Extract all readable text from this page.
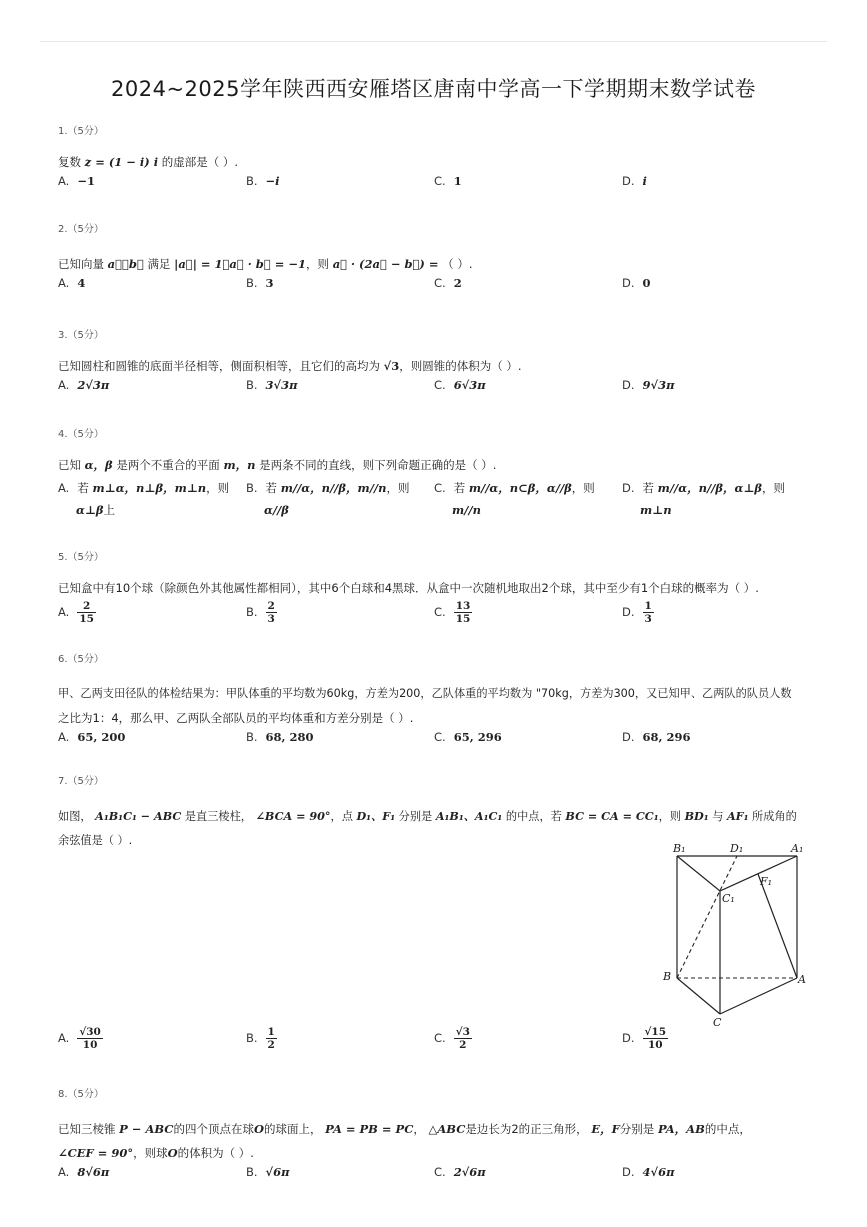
2024~2025学年陕西西安雁塔区唐南中学高一下学期期末数学试卷
1.（5分）
复数 z = (1 − i) i 的虚部是（ ）.
A. −1	B. −i	C. 1	D. i
2.（5分）
已知向量 a⃗，b⃗ 满足 |a⃗| = 1，a⃗ · b⃗ = −1，则 a⃗ · (2a⃗ − b⃗) = （ ）.
A. 4	B. 3	C. 2	D. 0
3.（5分）
已知圆柱和圆锥的底面半径相等，侧面积相等，且它们的高均为 √3，则圆锥的体积为（ ）.
A. 2√3π	B. 3√3π	C. 6√3π	D. 9√3π
4.（5分）
已知 α，β 是两个不重合的平面 m，n 是两条不同的直线，则下列命题正确的是（ ）.
A. 若 m⊥α，n⊥β，m⊥n，则
α⊥β上
B. 若 m//α，n//β，m//n，则
α//β
C. 若 m//α，n⊂β，α//β，则
m//n
D. 若 m//α，n//β，α⊥β，则
m⊥n
5.（5分）
已知盒中有10个球（除颜色外其他属性都相同），其中6个白球和4黑球．从盒中一次随机地取出2个球，其中至少有1个白球的概率为（ ）.
A. $\frac{2}{15}$	B. $\frac{2}{3}$	C. $\frac{13}{15}$	D. $\frac{1}{3}$
6.（5分）
甲、乙两支田径队的体检结果为：甲队体重的平均数为60kg，方差为200，乙队体重的平均数为 "70kg，方差为300，又已知甲、乙两队的队员人数
之比为1：4，那么甲、乙两队全部队员的平均体重和方差分别是（ ）.
A. 65, 200	B. 68, 280	C. 65, 296	D. 68, 296
7.（5分）
如图， A₁B₁C₁ − ABC 是直三棱柱， ∠BCA = 90°，点 D₁、F₁ 分别是 A₁B₁、A₁C₁ 的中点，若 BC = CA = CC₁，则 BD₁ 与 AF₁ 所成角的
余弦值是（ ）.
B₁	D₁	A₁
F₁
C₁
B	A
C
A. $\frac{√30}{10}$	B. $\frac{1}{2}$	C. $\frac{√3}{2}$	D. $\frac{√15}{10}$
8.（5分）
已知三棱锥 P − ABC的四个顶点在球O的球面上， PA = PB = PC， △ABC是边长为2的正三角形， E，F分别是 PA，AB的中点，
∠CEF = 90°，则球O的体积为（ ）.
A. 8√6π	B. √6π	C. 2√6π	D. 4√6π
